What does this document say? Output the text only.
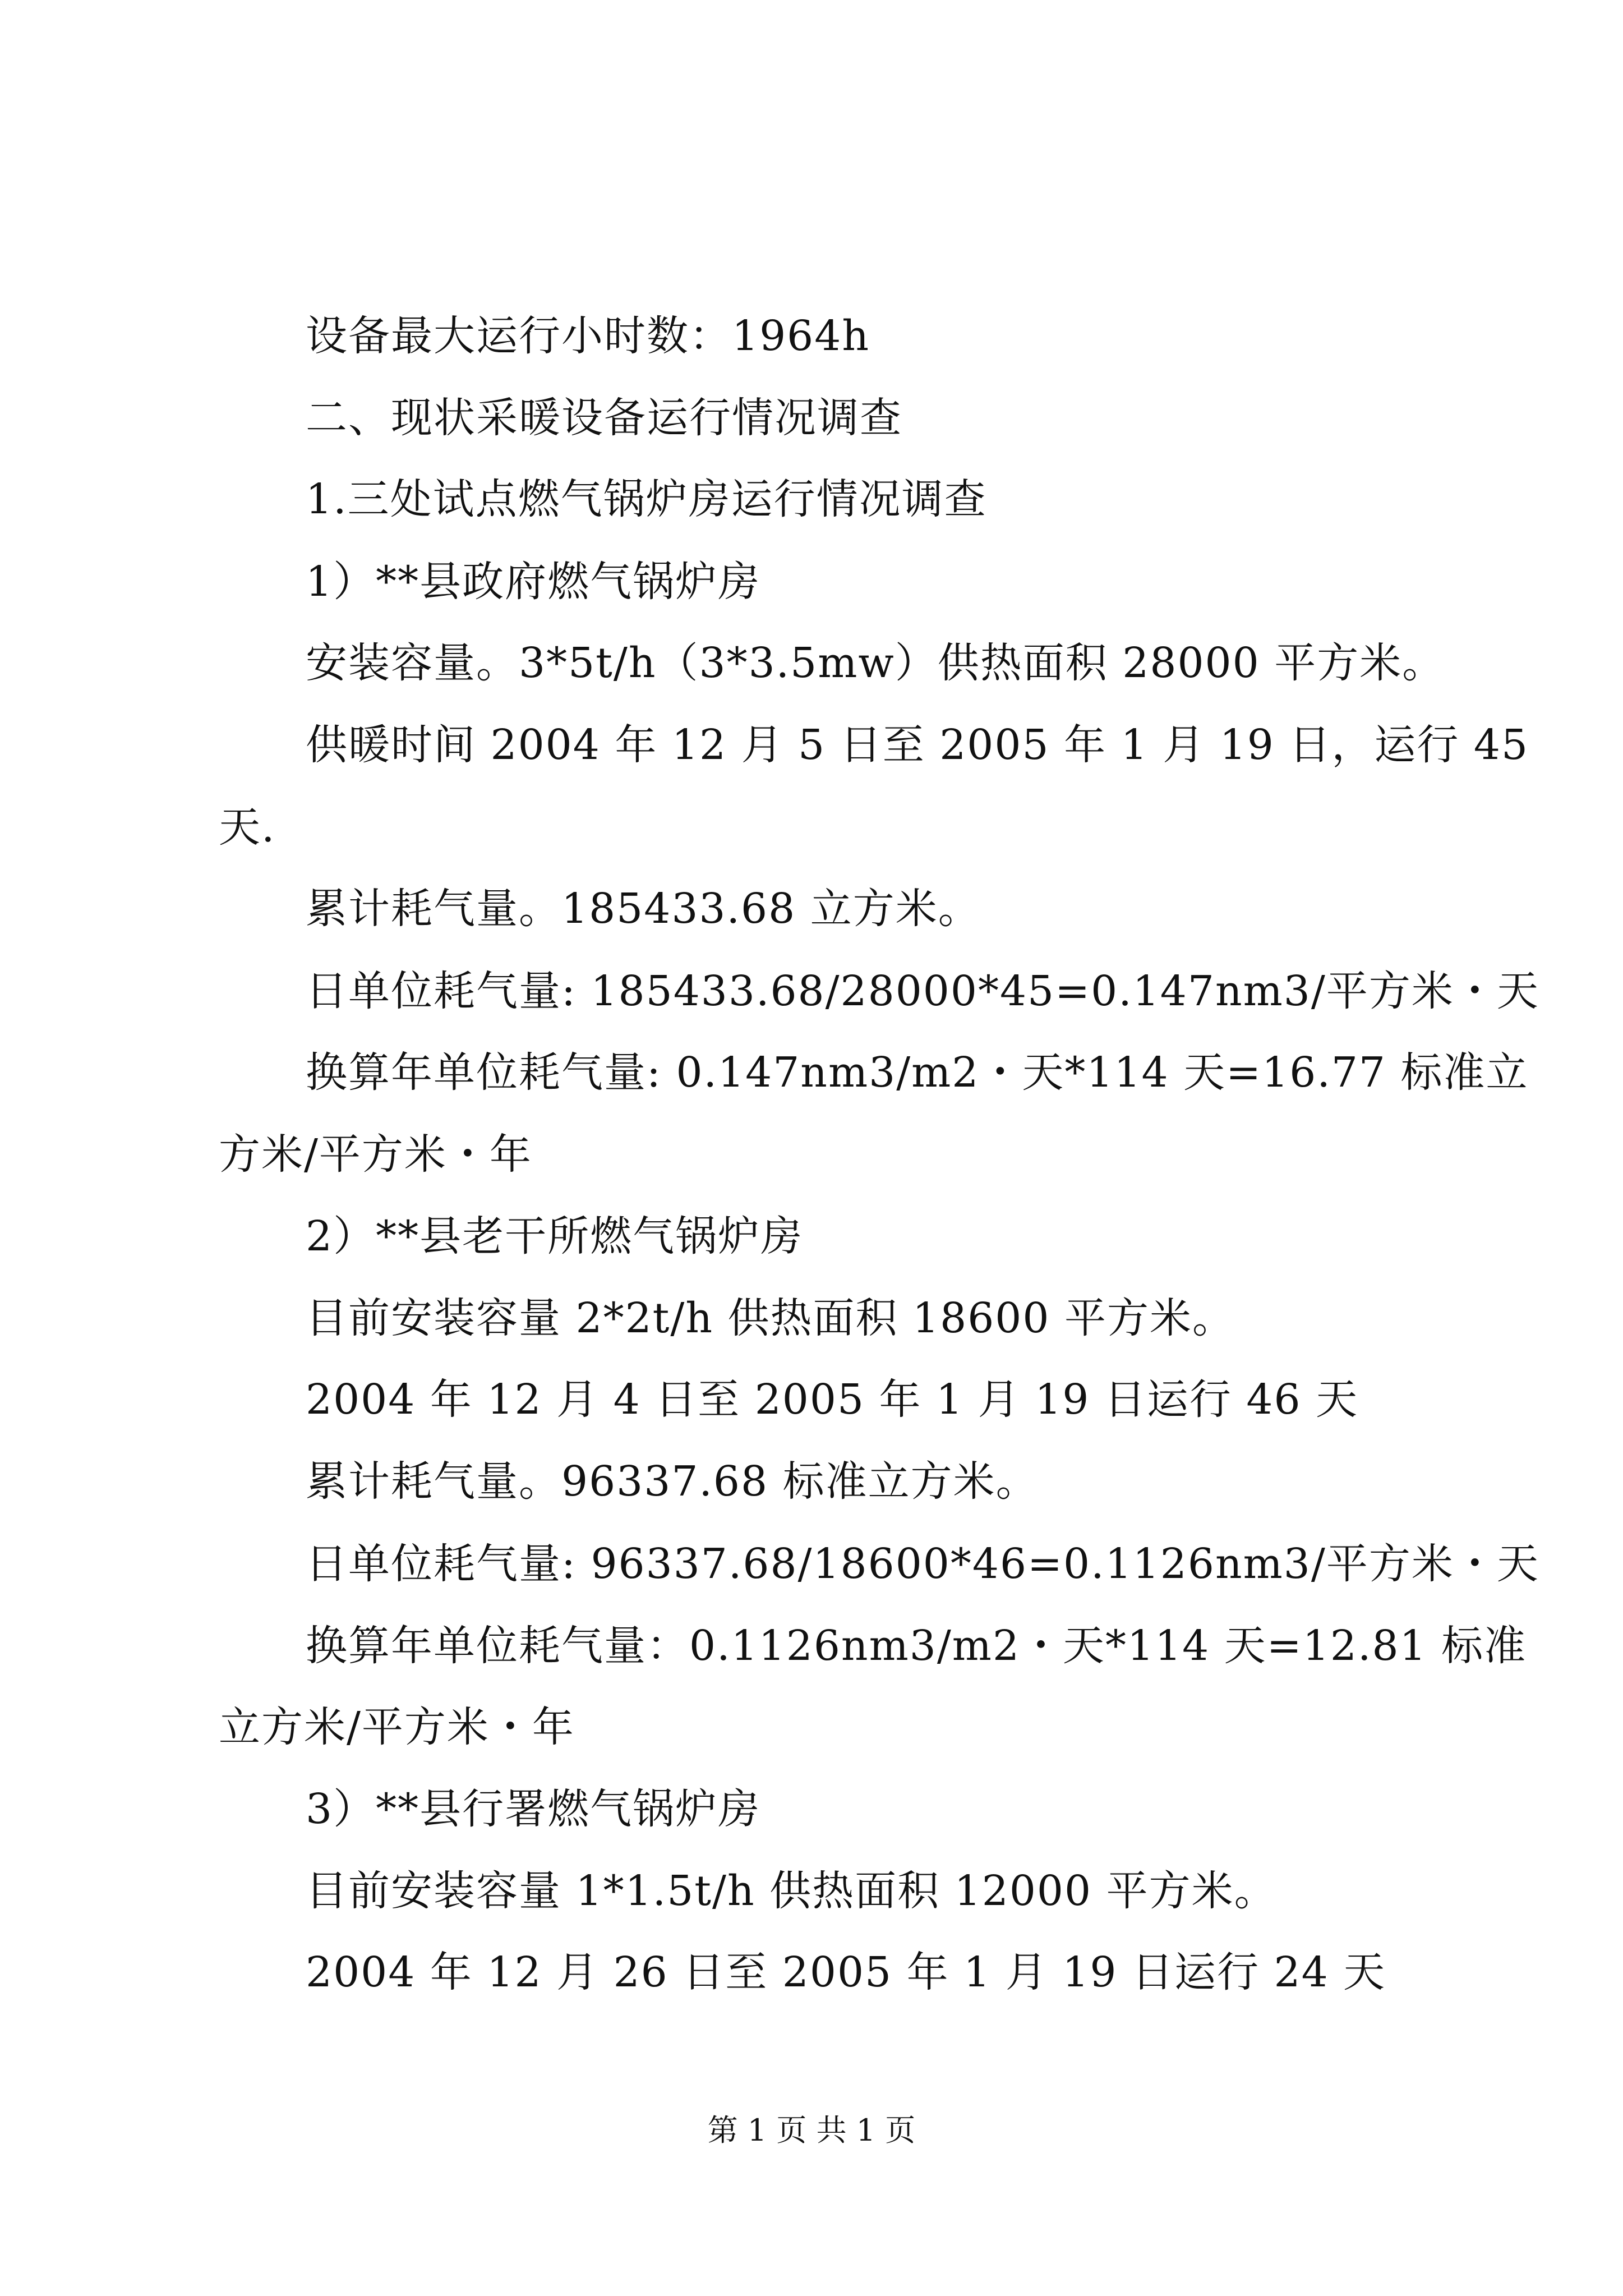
设备最大运行小时数：1964h
二、现状采暖设备运行情况调查
1.三处试点燃气锅炉房运行情况调查
1）**县政府燃气锅炉房
安装容量。3*5t/h（3*3.5mw）供热面积 28000 平方米。
供暖时间 2004 年 12 月 5 日至 2005 年 1 月 19 日，运行 45
天.
累计耗气量。185433.68 立方米。
日单位耗气量: 185433.68/28000*45=0.147nm3/平方米・天
换算年单位耗气量: 0.147nm3/m2・天*114 天=16.77 标准立
方米/平方米・年
2）**县老干所燃气锅炉房
目前安装容量 2*2t/h 供热面积 18600 平方米。
2004 年 12 月 4 日至 2005 年 1 月 19 日运行 46 天
累计耗气量。96337.68 标准立方米。
日单位耗气量: 96337.68/18600*46=0.1126nm3/平方米・天
换算年单位耗气量：0.1126nm3/m2・天*114 天=12.81 标准
立方米/平方米・年
3）**县行署燃气锅炉房
目前安装容量 1*1.5t/h 供热面积 12000 平方米。
2004 年 12 月 26 日至 2005 年 1 月 19 日运行 24 天
第 1 页 共 1 页
